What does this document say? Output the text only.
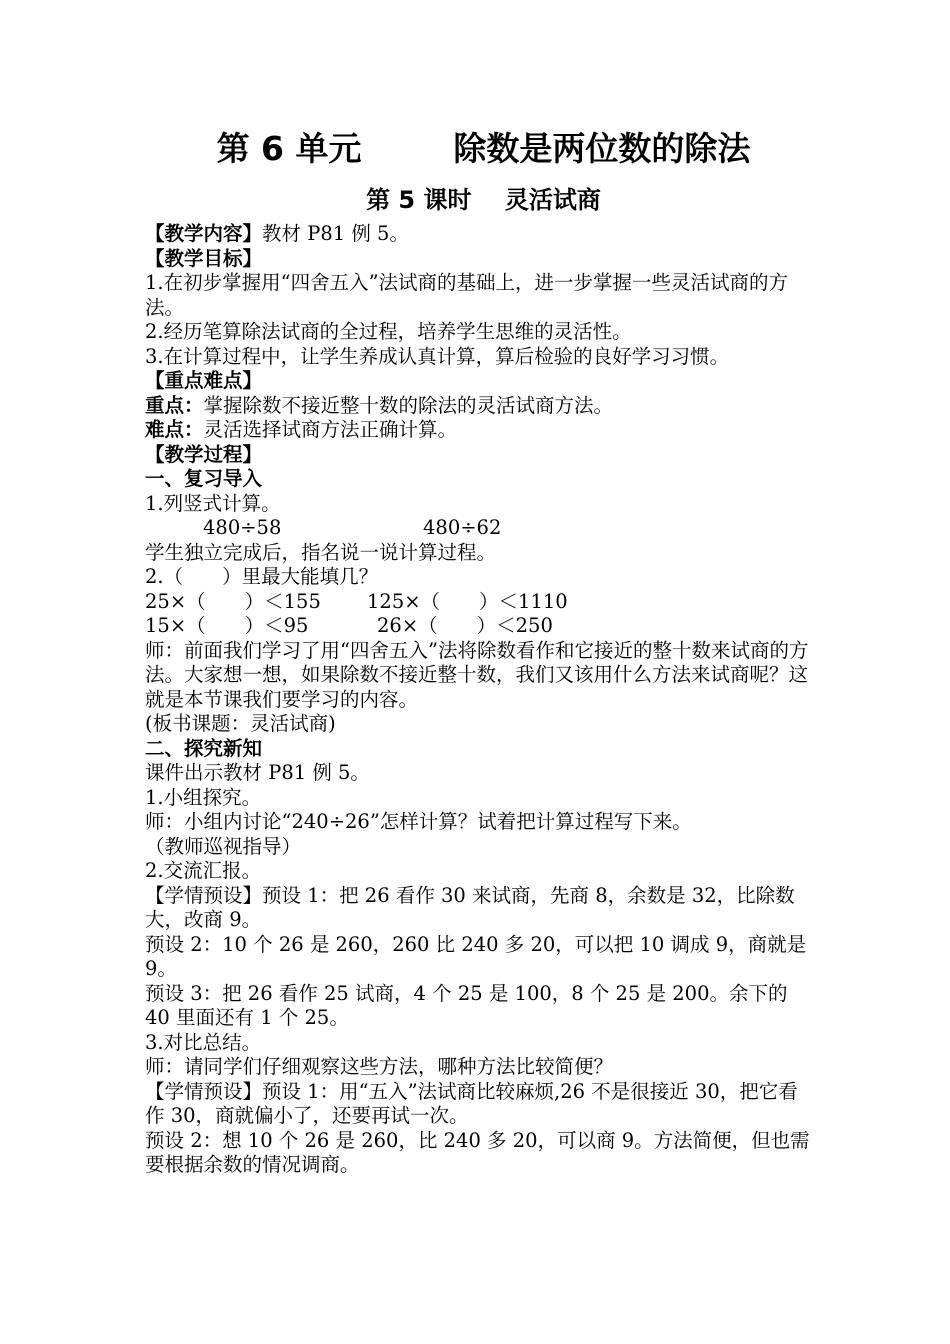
第 6 单元        除数是两位数的除法

第 5 课时    灵活试商

【教学内容】教材 P81 例 5。

【教学目标】

1.在初步掌握用“四舍五入”法试商的基础上，进一步掌握一些灵活试商的方法。

2.经历笔算除法试商的全过程，培养学生思维的灵活性。

3.在计算过程中，让学生养成认真计算，算后检验的良好学习习惯。

【重点难点】

重点：掌握除数不接近整十数的除法的灵活试商方法。

难点：灵活选择试商方法正确计算。

【教学过程】

一、复习导入

1.列竖式计算。

480÷58	480÷62

学生独立完成后，指名说一说计算过程。

2.（　　）里最大能填几？

25×（　　）＜155 125×（　　）＜1110

15×（　　）＜95	26×（　　）＜250

师：前面我们学习了用“四舍五入”法将除数看作和它接近的整十数来试商的方法。大家想一想，如果除数不接近整十数，我们又该用什么方法来试商呢？这就是本节课我们要学习的内容。

(板书课题：灵活试商)

二、探究新知

课件出示教材 P81 例 5。

1.小组探究。

师：小组内讨论“240÷26”怎样计算？试着把计算过程写下来。

（教师巡视指导）

2.交流汇报。

【学情预设】预设 1：把 26 看作 30 来试商，先商 8，余数是 32，比除数大，改商 9。

预设 2：10 个 26 是 260，260 比 240 多 20，可以把 10 调成 9，商就是 9。

预设 3：把 26 看作 25 试商，4 个 25 是 100，8 个 25 是 200。余下的 40 里面还有 1 个 25。

3.对比总结。

师：请同学们仔细观察这些方法，哪种方法比较简便？

【学情预设】预设 1：用“五入”法试商比较麻烦,26 不是很接近 30，把它看作 30，商就偏小了，还要再试一次。

预设 2：想 10 个 26 是 260，比 240 多 20，可以商 9。方法简便，但也需要根据余数的情况调商。
